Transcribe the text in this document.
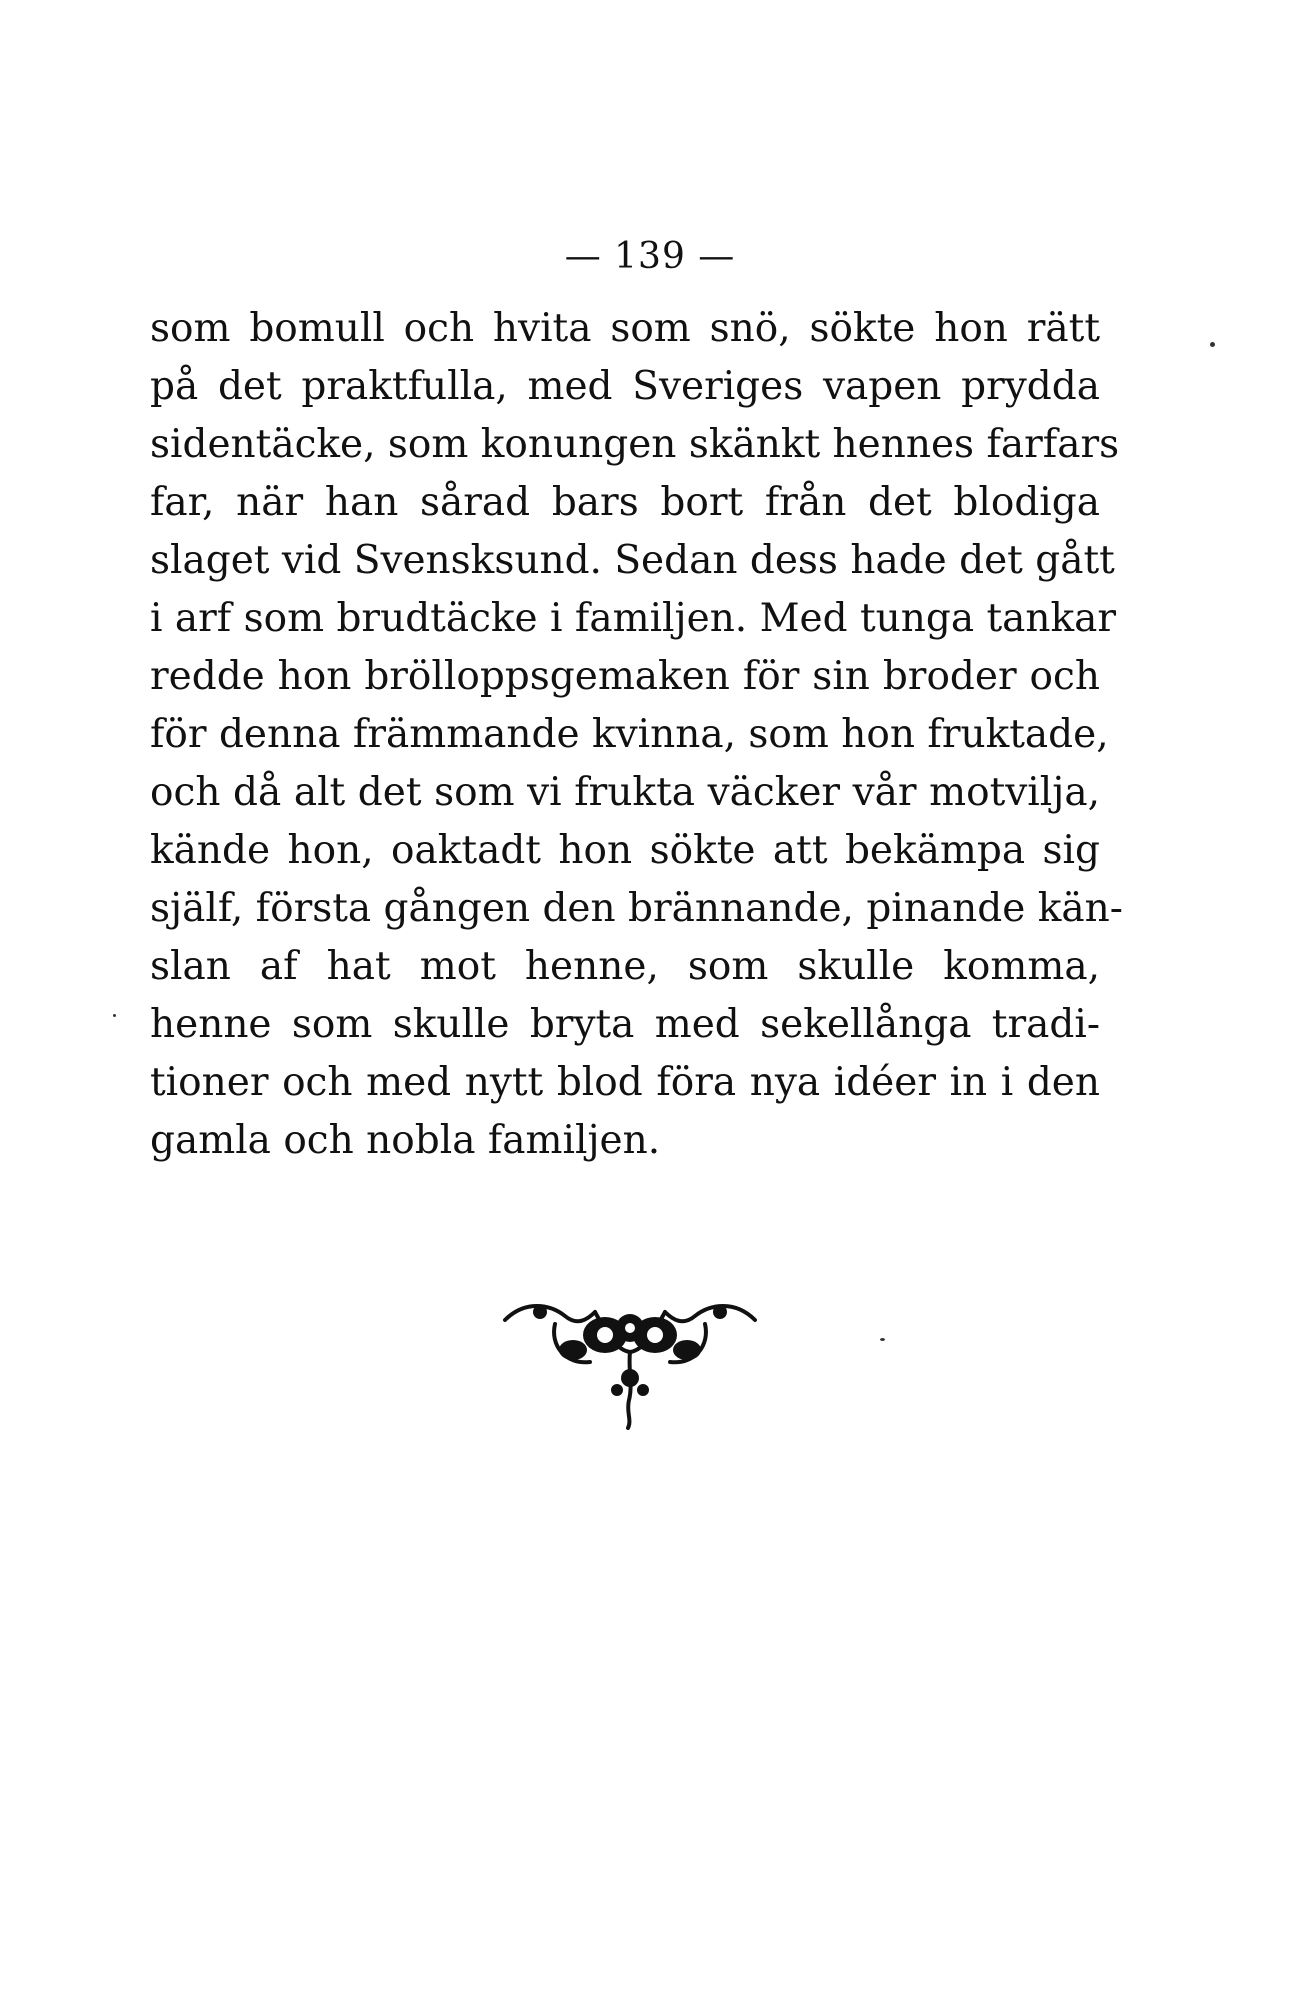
— 139 —
som bomull och hvita som snö, sökte hon rätt
på det praktfulla, med Sveriges vapen prydda
sidentäcke, som konungen skänkt hennes farfars
far, när han sårad bars bort från det blodiga
slaget vid Svensksund. Sedan dess hade det gått
i arf som brudtäcke i familjen. Med tunga tankar
redde hon brölloppsgemaken för sin broder och
för denna främmande kvinna, som hon fruktade,
och då alt det som vi frukta väcker vår motvilja,
kände hon, oaktadt hon sökte att bekämpa sig
själf, första gången den brännande, pinande kän-
slan af hat mot henne, som skulle komma,
henne som skulle bryta med sekellånga tradi-
tioner och med nytt blod föra nya idéer in i den
gamla och nobla familjen.
